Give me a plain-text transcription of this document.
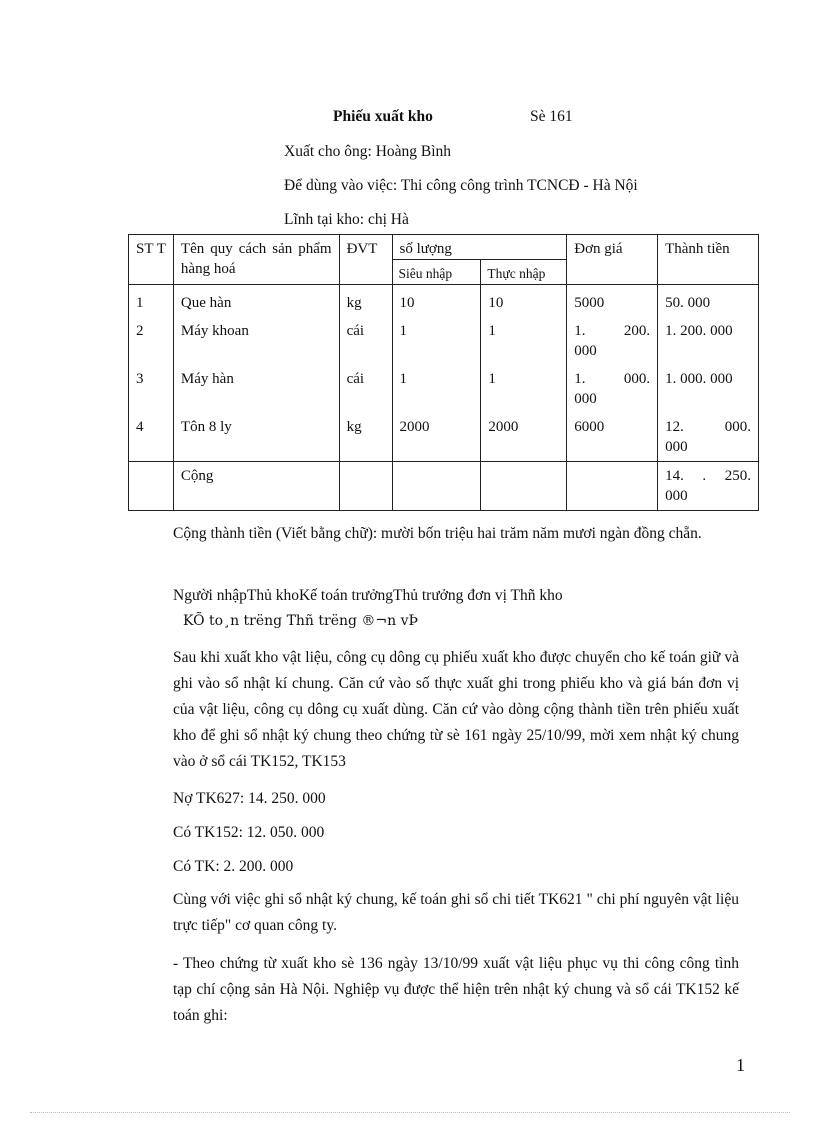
Phiếu xuất kho	Sè 161
Xuất cho ông: Hoàng Bình
Để dùng vào việc: Thi công công trình TCNCĐ - Hà Nội
Lĩnh tại kho: chị Hà
ST T	Tên quy cách sản phẩm hàng hoá	ĐVT	số lượng		Đơn giá	Thành tiền
			Siêu nhập	Thực nhập		
1	Que hàn	kg	10	10	5000	50. 000
2	Máy khoan	cái	1	1	1. 200. 000	1. 200. 000
3	Máy hàn	cái	1	1	1. 000. 000	1. 000. 000
4	Tôn 8 ly	kg	2000	2000	6000	12. 000. 000
	Cộng					14. . 250. 000
Cộng thành tiền (Viết bằng chữ): mười bốn triệu hai trăm năm mươi ngàn đồng chẵn.
Người nhậpThủ khoKế toán trưởngThủ trưởng đơn vị Thñ kho
KÕ to¸n trëng Thñ trëng ®¬n vÞ
Sau khi xuất kho vật liệu, công cụ dông cụ phiếu xuất kho được chuyển cho kế toán giữ và ghi vào sổ nhật kí chung. Căn cứ vào số thực xuất ghi trong phiếu kho và giá bán đơn vị của vật liệu, công cụ dông cụ xuất dùng. Căn cứ vào dòng cộng thành tiền trên phiếu xuất kho để ghi sổ nhật ký chung theo chứng từ sè 161 ngày 25/10/99, mời xem nhật ký chung vào ở sổ cái TK152, TK153
Nợ TK627: 14. 250. 000
Có TK152: 12. 050. 000
Có TK: 2. 200. 000
Cùng với việc ghi sổ nhật ký chung, kế toán ghi sổ chi tiết TK621 " chi phí nguyên vật liệu trực tiếp" cơ quan công ty.
- Theo chứng từ xuất kho sè 136 ngày 13/10/99 xuất vật liệu phục vụ thi công công tình tạp chí cộng sản Hà Nội. Nghiệp vụ được thể hiện trên nhật ký chung và sổ cái TK152 kế toán ghi:
1
